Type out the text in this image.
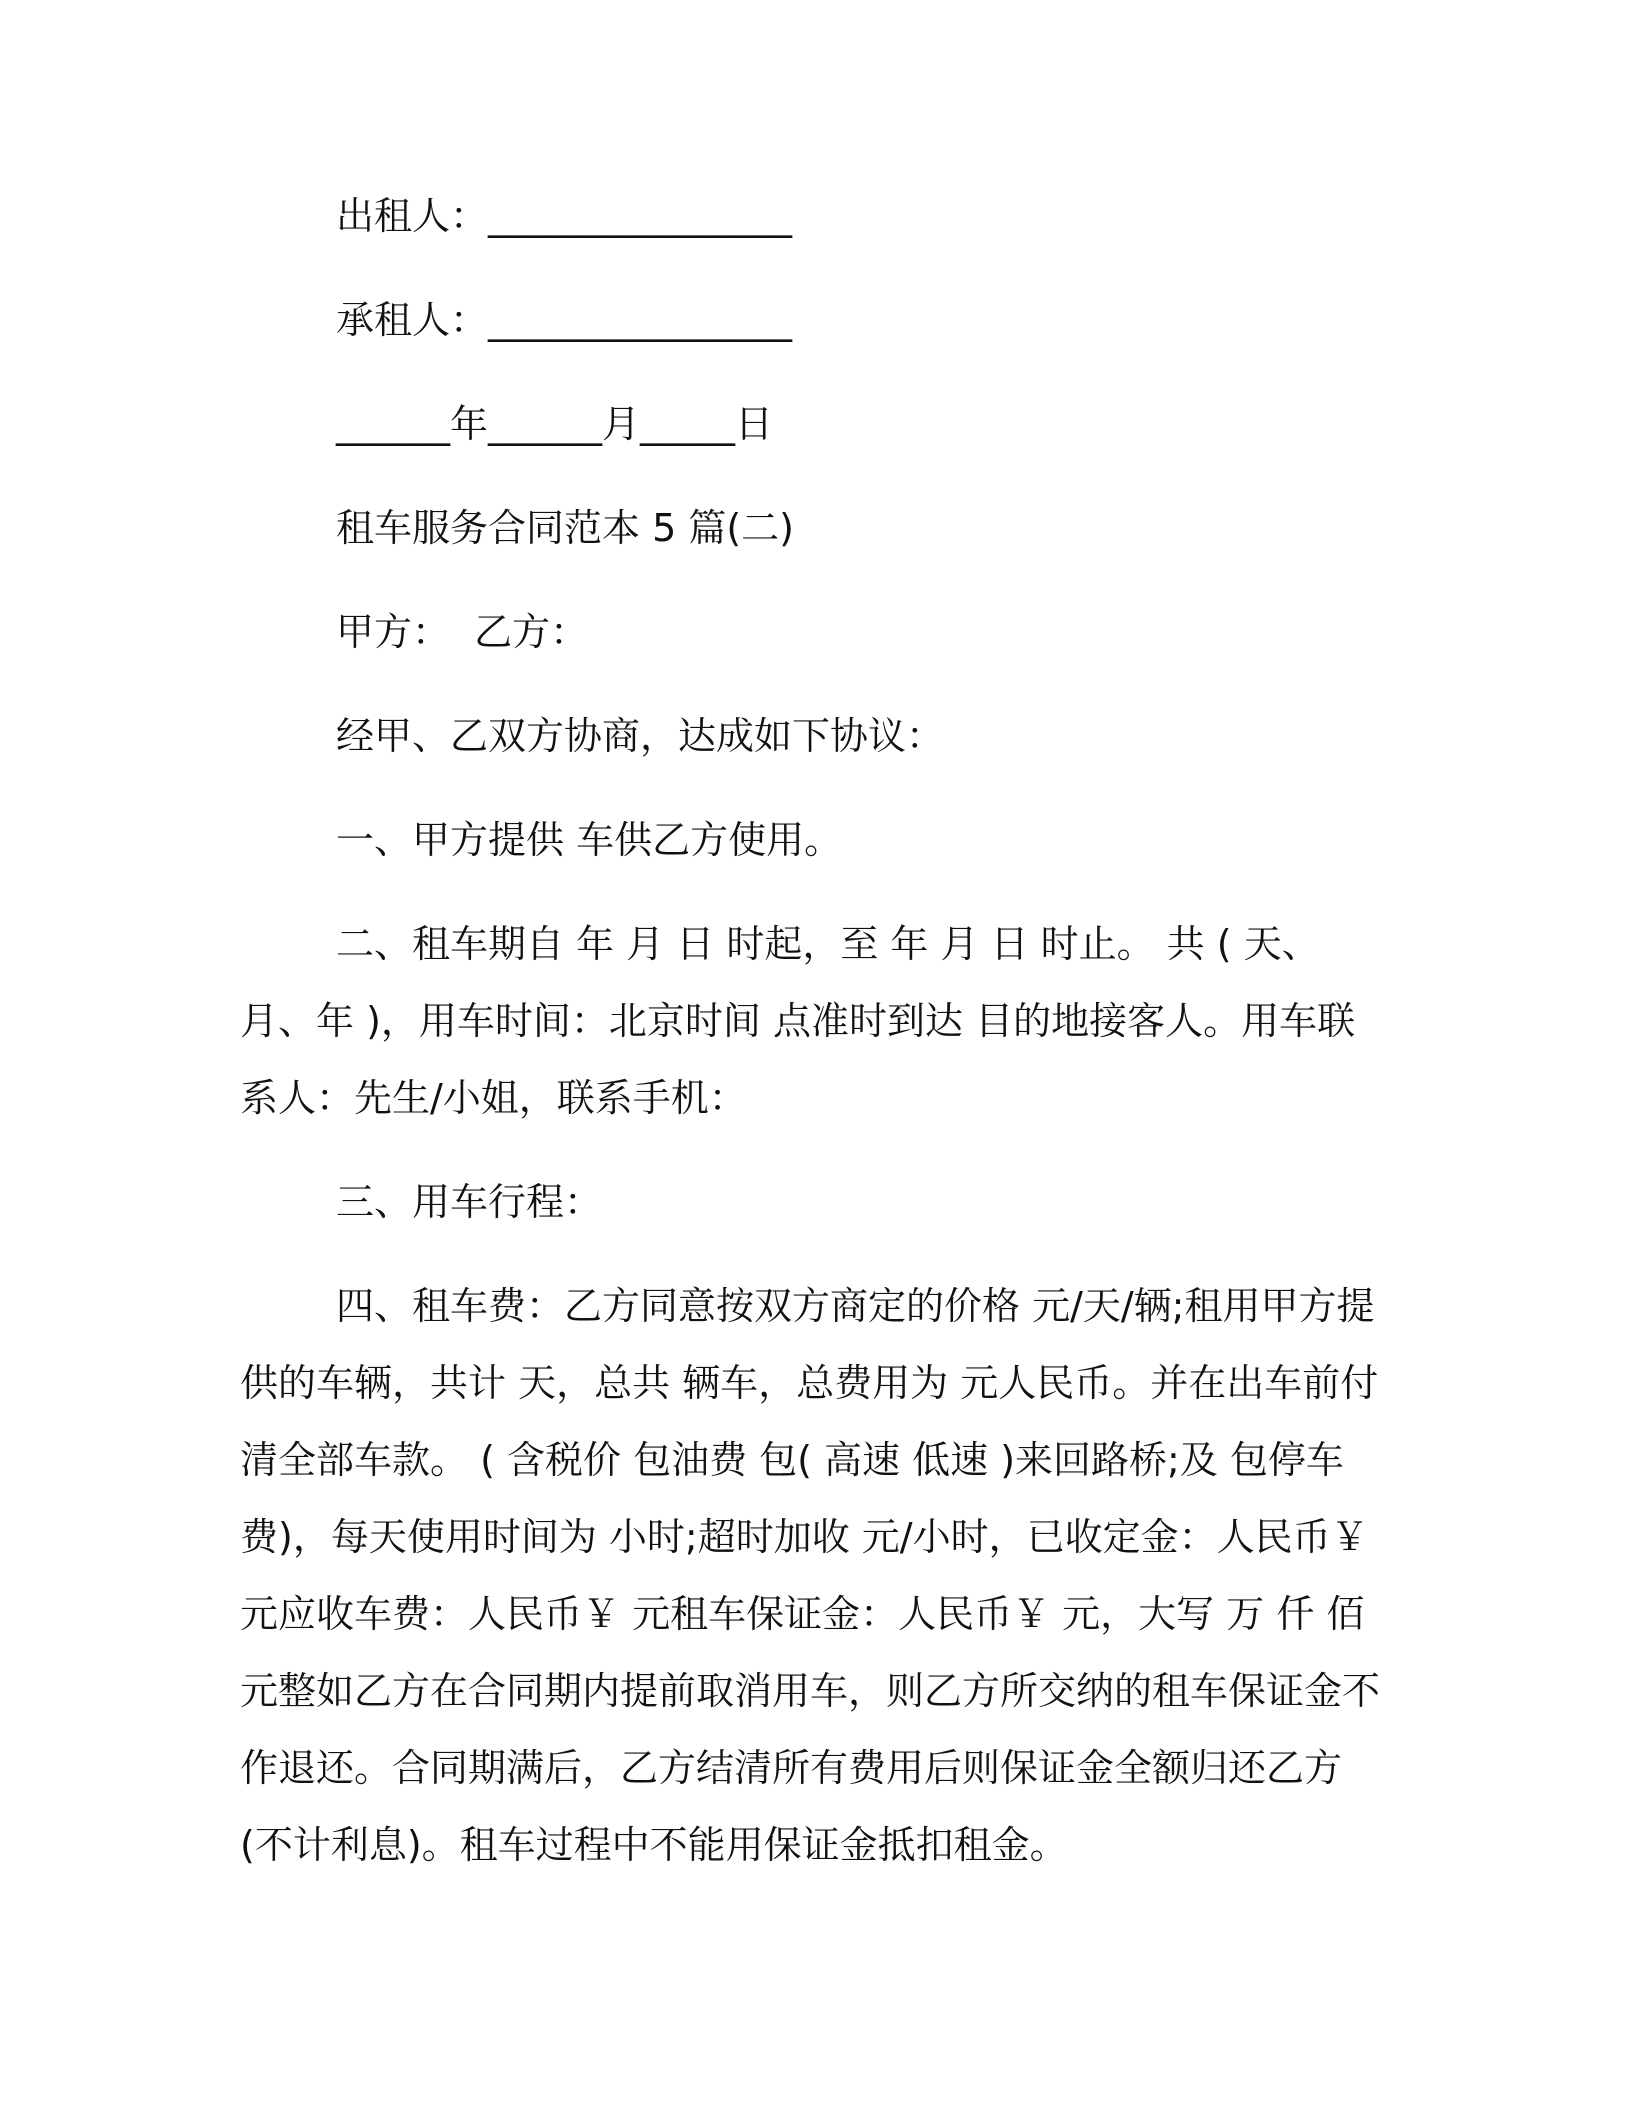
出租人：________________

承租人：________________

______年______月_____日

租车服务合同范本 5 篇(二)

甲方：  乙方：

经甲、乙双方协商，达成如下协议：

一、甲方提供 车供乙方使用。

二、租车期自 年 月 日 时起，至 年 月 日 时止。 共 ( 天、月、年 )，用车时间：北京时间 点准时到达 目的地接客人。用车联系人：先生/小姐，联系手机：

三、用车行程：

四、租车费：乙方同意按双方商定的价格 元/天/辆;租用甲方提供的车辆，共计 天，总共 辆车，总费用为 元人民币。并在出车前付清全部车款。 ( 含税价 包油费 包( 高速 低速 )来回路桥;及 包停车费)，每天使用时间为 小时;超时加收 元/小时，已收定金：人民币￥ 元应收车费：人民币￥ 元租车保证金：人民币￥ 元，大写 万 仟 佰元整如乙方在合同期内提前取消用车，则乙方所交纳的租车保证金不作退还。合同期满后，乙方结清所有费用后则保证金全额归还乙方(不计利息)。租车过程中不能用保证金抵扣租金。
